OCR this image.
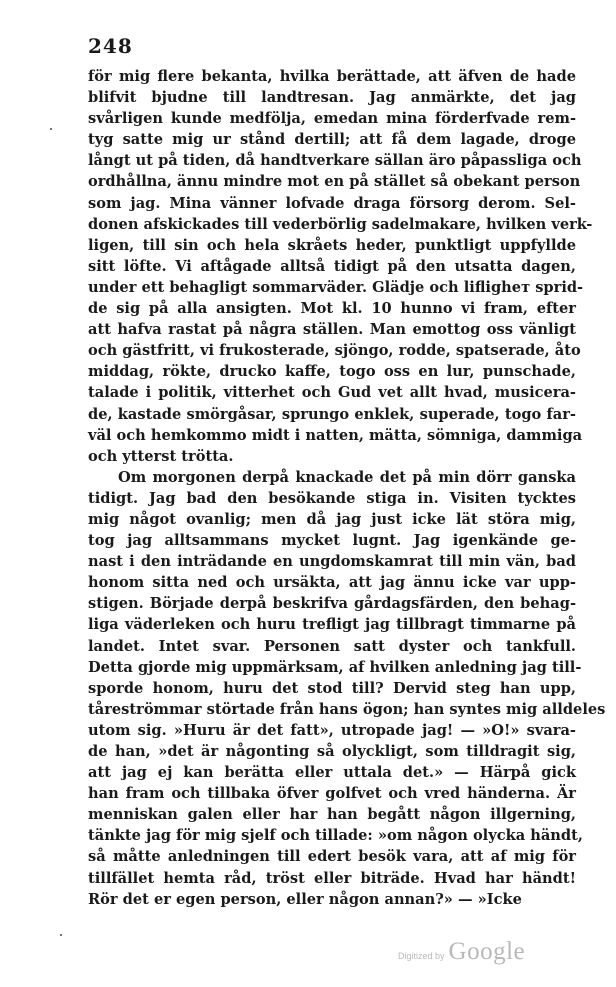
248
för mig flere bekanta, hvilka berättade, att äfven de hade
blifvit bjudne till landtresan. Jag anmärkte, det jag
svårligen kunde medfölja, emedan mina förderfvade rem-
tyg satte mig ur stånd dertill; att få dem lagade, droge
långt ut på tiden, då handtverkare sällan äro påpassliga och
ordhållna, ännu mindre mot en på stället så obekant person
som jag. Mina vänner lofvade draga försorg derom. Sel-
donen afskickades till vederbörlig sadelmakare, hvilken verk-
ligen, till sin och hela skråets heder, punktligt uppfyllde
sitt löfte. Vi aftågade alltså tidigt på den utsatta dagen,
under ett behagligt sommarväder. Glädje och lifligheт sprid-
de sig på alla ansigten. Mot kl. 10 hunno vi fram, efter
att hafva rastat på några ställen. Man emottog oss vänligt
och gästfritt, vi frukosterade, sjöngo, rodde, spatserade, åto
middag, rökte, drucko kaffe, togo oss en lur, punschade,
talade i politik, vitterhet och Gud vet allt hvad, musicera-
de, kastade smörgåsar, sprungo enklek, superade, togo far-
väl och hemkommo midt i natten, mätta, sömniga, dammiga
och ytterst trötta.
Om morgonen derpå knackade det på min dörr ganska
tidigt. Jag bad den besökande stiga in. Visiten tycktes
mig något ovanlig; men då jag just icke lät störa mig,
tog jag alltsammans mycket lugnt. Jag igenkände ge-
nast i den inträdande en ungdomskamrat till min vän, bad
honom sitta ned och ursäkta, att jag ännu icke var upp-
stigen. Började derpå beskrifva gårdagsfärden, den behag-
liga väderleken och huru trefligt jag tillbragt timmarne på
landet. Intet svar. Personen satt dyster och tankfull.
Detta gjorde mig uppmärksam, af hvilken anledning jag till-
sporde honom, huru det stod till? Dervid steg han upp,
tåreströmmar störtade från hans ögon; han syntes mig alldeles
utom sig. »Huru är det fatt», utropade jag! — »O!» svara-
de han, »det är någonting så olyckligt, som tilldragit sig,
att jag ej kan berätta eller uttala det.» — Härpå gick
han fram och tillbaka öfver golfvet och vred händerna. Är
menniskan galen eller har han begått någon illgerning,
tänkte jag för mig sjelf och tillade: »om någon olycka händt,
så måtte anledningen till edert besök vara, att af mig för
tillfället hemta råd, tröst eller biträde. Hvad har händt!
Rör det er egen person, eller någon annan?» — »Icke
Digitized by Google
